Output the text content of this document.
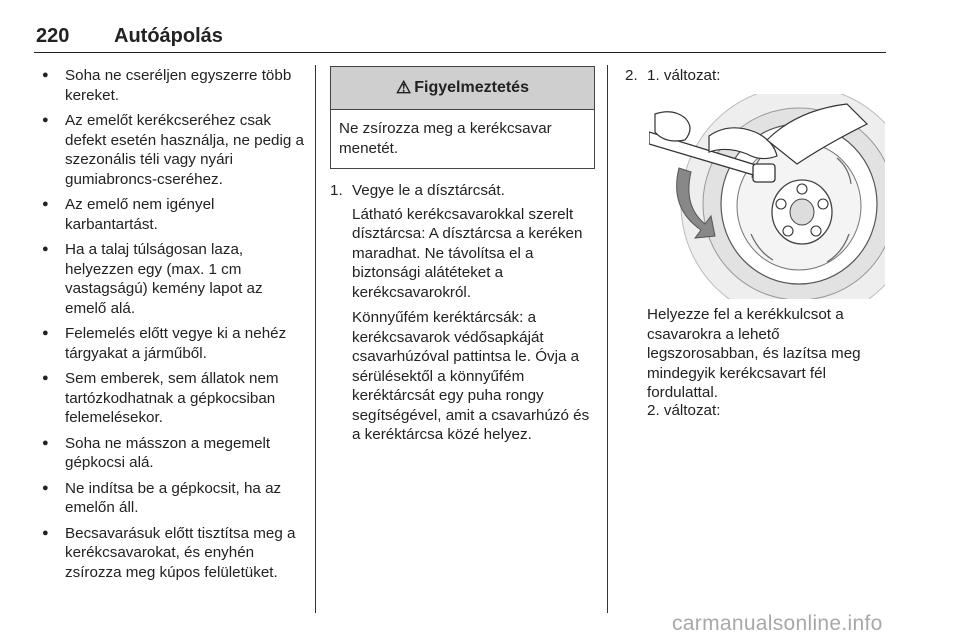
220 Autóápolás
● Soha ne cseréljen egyszerre több kereket.
● Az emelőt kerékcseréhez csak defekt esetén használja, ne pedig a szezonális téli vagy nyári gumiabroncs-cseréhez.
● Az emelő nem igényel karbantartást.
● Ha a talaj túlságosan laza, helyezzen egy (max. 1 cm vastagságú) kemény lapot az emelő alá.
● Felemelés előtt vegye ki a nehéz tárgyakat a járműből.
● Sem emberek, sem állatok nem tartózkodhatnak a gépkocsiban felemelésekor.
● Soha ne másszon a megemelt gépkocsi alá.
● Ne indítsa be a gépkocsit, ha az emelőn áll.
● Becsavarásuk előtt tisztítsa meg a kerékcsavarokat, és enyhén zsírozza meg kúpos felületüket.
⚠ Figyelmeztetés
Ne zsírozza meg a kerékcsavar menetét.
1. Vegye le a dísztárcsát.
Látható kerékcsavarokkal szerelt dísztárcsa: A dísztárcsa a keréken maradhat. Ne távolítsa el a biztonsági alátéteket a kerékcsavarokról.
Könnyűfém keréktárcsák: a kerékcsavarok védősapkáját csavarhúzóval pattintsa le. Óvja a sérülésektől a könnyűfém keréktárcsát egy puha rongy segítségével, amit a csavarhúzó és a keréktárcsa közé helyez.
2. 1. változat:
Helyezze fel a kerékkulcsot a csavarokra a lehető legszorosabban, és lazítsa meg mindegyik kerékcsavart fél fordulattal.
2. változat:
carmanualsonline.info
